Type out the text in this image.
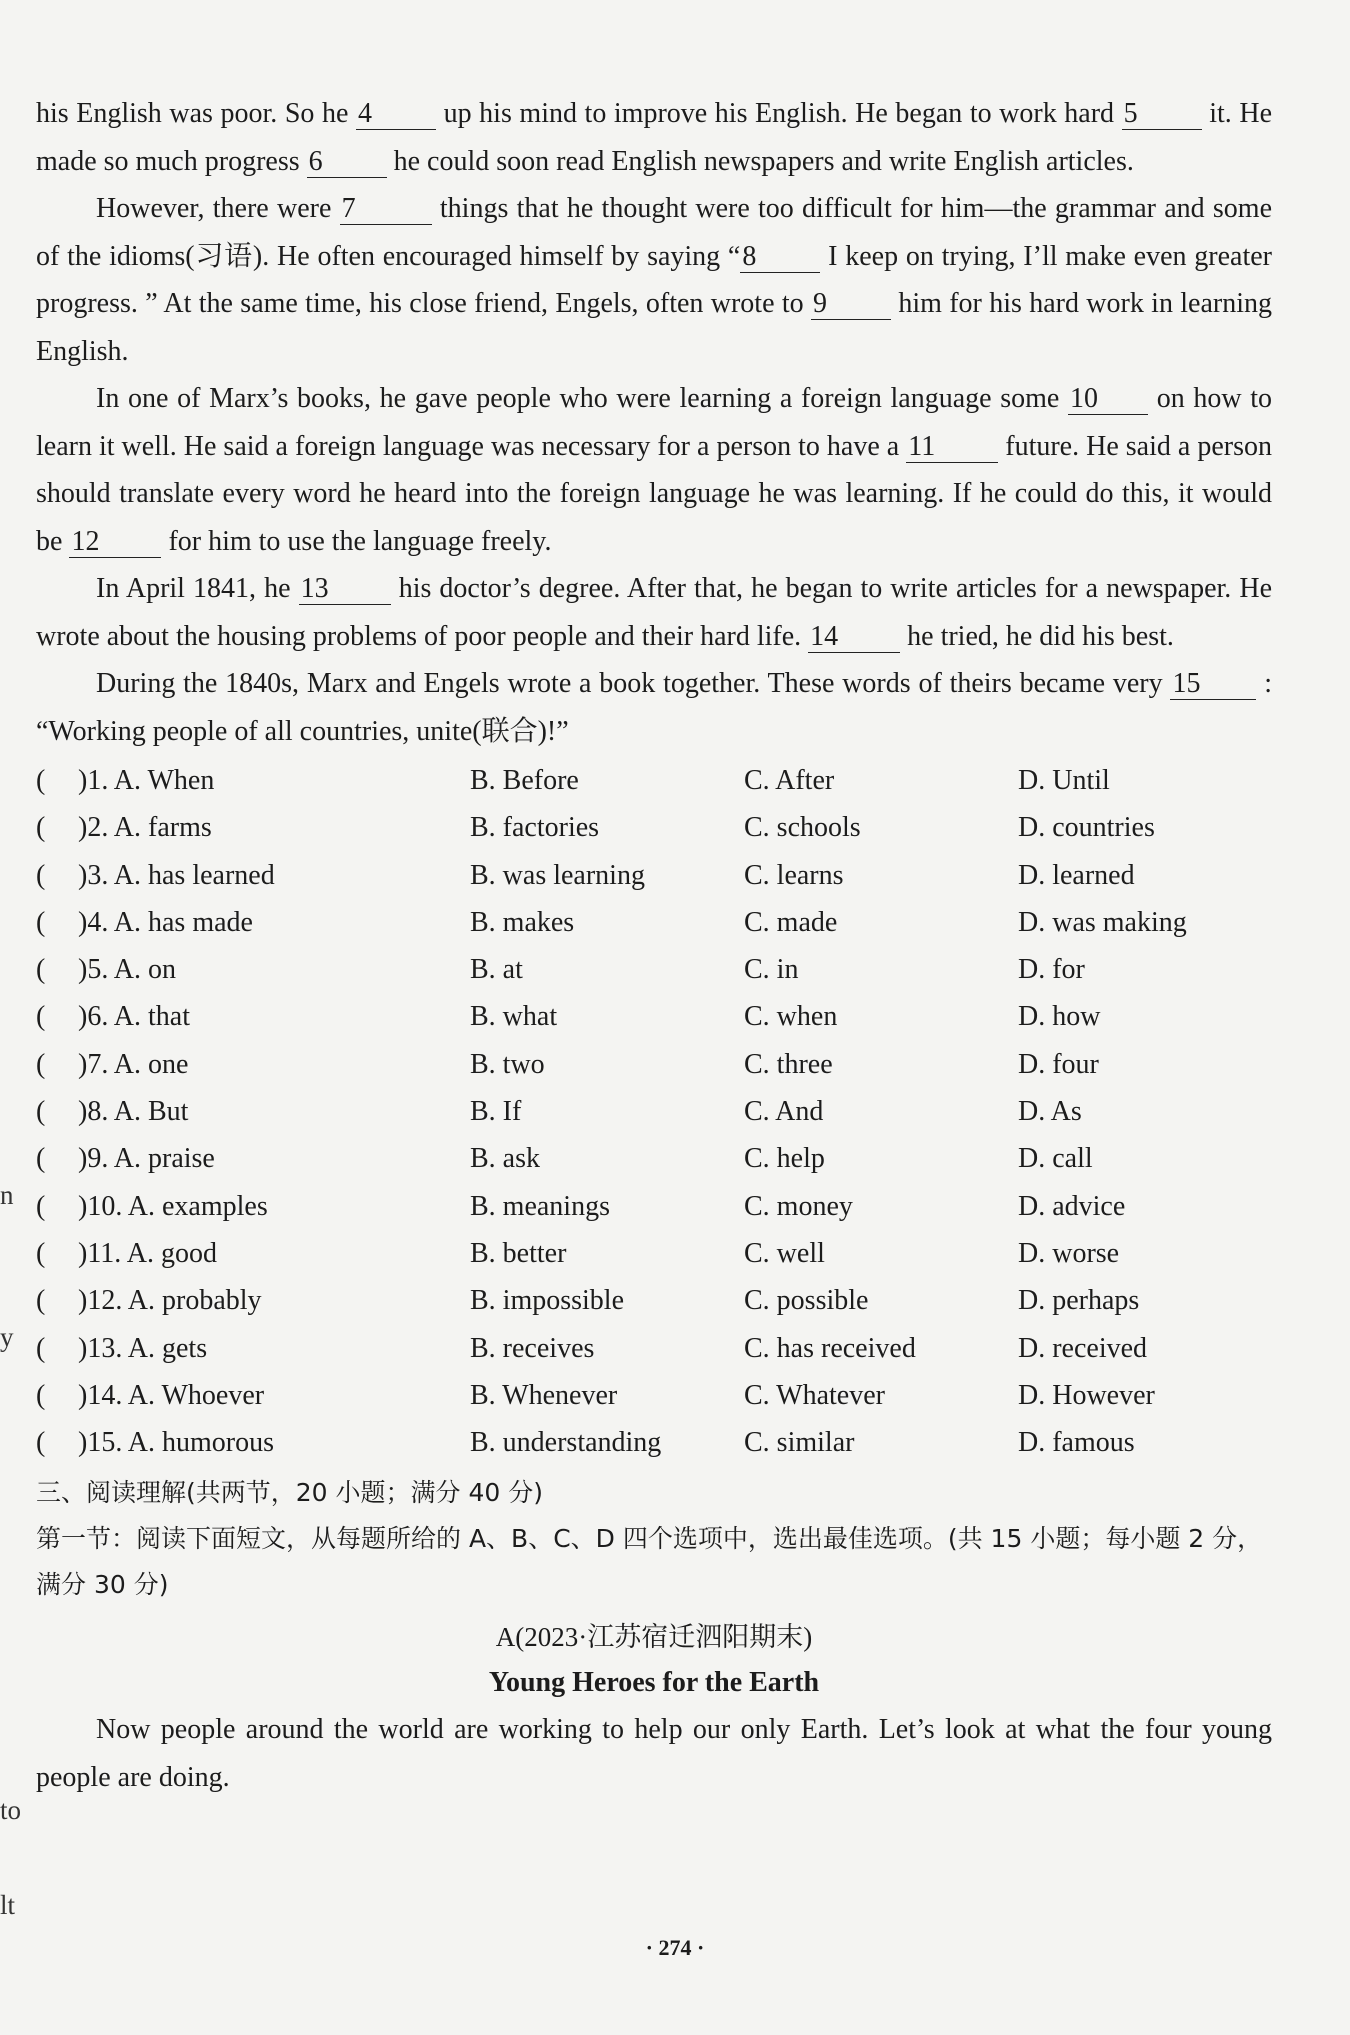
n
y
to
lt

his English was poor. So he 4	up his mind to improve his English. He began to work hard 5	it. He made so much progress 6	he could soon read English newspapers and write English articles.

However, there were 7	things that he thought were too difficult for him—the grammar and some of the idioms(习语). He often encouraged himself by saying “8	I keep on trying, I’ll make even greater progress. ” At the same time, his close friend, Engels, often wrote to 9	him for his hard work in learning English.

In one of Marx’s books, he gave people who were learning a foreign language some 10 on how to learn it well. He said a foreign language was necessary for a person to have a 11	future. He said a person should translate every word he heard into the foreign language he was learning. If he could do this, it would be 12 for him to use the language freely.

In April 1841, he 13	his doctor’s degree. After that, he began to write articles for a newspaper. He wrote about the housing problems of poor people and their hard life. 14 he tried, he did his best.

During the 1840s, Marx and Engels wrote a book together. These words of theirs became very 15 : “Working people of all countries, unite(联合)!”

(	)1. A. When	B. Before	C. After	D. Until
(	)2. A. farms	B. factories	C. schools	D. countries
(	)3. A. has learned	B. was learning	C. learns	D. learned
(	)4. A. has made	B. makes	C. made	D. was making
(	)5. A. on	B. at	C. in	D. for
(	)6. A. that	B. what	C. when	D. how
(	)7. A. one	B. two	C. three	D. four
(	)8. A. But	B. If	C. And	D. As
(	)9. A. praise	B. ask	C. help	D. call
(	)10. A. examples	B. meanings	C. money	D. advice
(	)11. A. good	B. better	C. well	D. worse
(	)12. A. probably	B. impossible	C. possible	D. perhaps
(	)13. A. gets	B. receives	C. has received	D. received
(	)14. A. Whoever	B. Whenever	C. Whatever	D. However
(	)15. A. humorous	B. understanding	C. similar	D. famous

三、阅读理解(共两节，20 小题；满分 40 分)

第一节：阅读下面短文，从每题所给的 A、B、C、D 四个选项中，选出最佳选项。(共 15 小题；每小题 2 分，满分 30 分)

A(2023·江苏宿迁泗阳期末)

Young Heroes for the Earth

Now people around the world are working to help our only Earth. Let’s look at what the four young people are doing.

· 274 ·
